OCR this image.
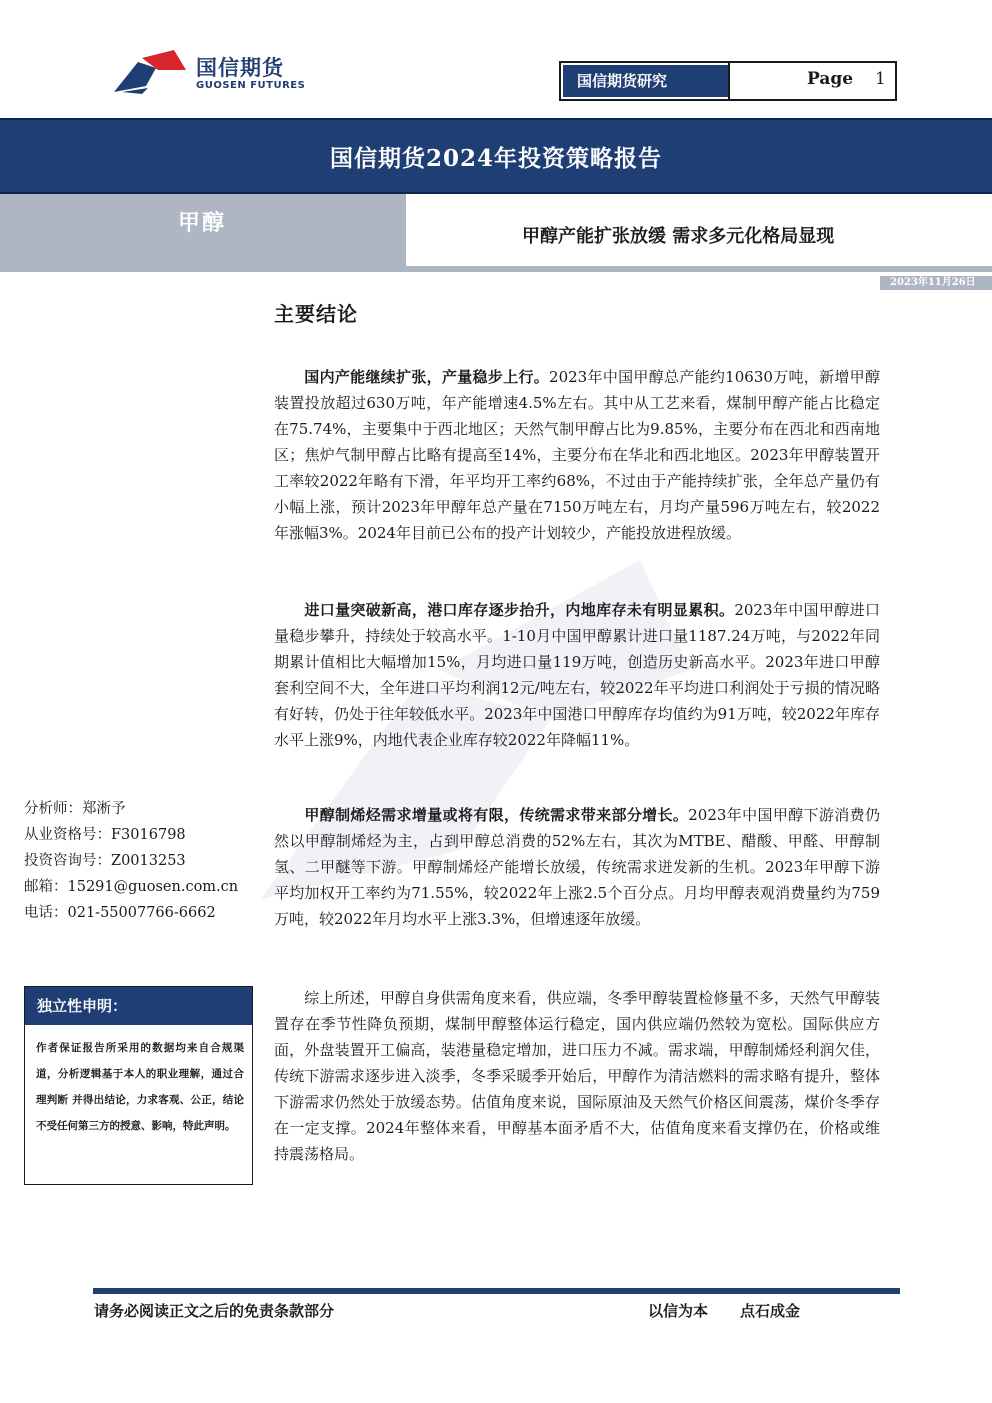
国信期货
GUOSEN FUTURES	国信期货研究	Page 1
国信期货2024年投资策略报告
甲醇
甲醇产能扩张放缓 需求多元化格局显现
2023年11月26日
主要结论
国内产能继续扩张，产量稳步上行。2023年中国甲醇总产能约10630万吨，新增甲醇装置投放超过630万吨，年产能增速4.5%左右。其中从工艺来看，煤制甲醇产能占比稳定在75.74%，主要集中于西北地区；天然气制甲醇占比为9.85%，主要分布在西北和西南地区；焦炉气制甲醇占比略有提高至14%，主要分布在华北和西北地区。2023年甲醇装置开工率较2022年略有下滑，年平均开工率约68%，不过由于产能持续扩张，全年总产量仍有小幅上涨，预计2023年甲醇年总产量在7150万吨左右，月均产量596万吨左右，较2022年涨幅3%。2024年目前已公布的投产计划较少，产能投放进程放缓。
进口量突破新高，港口库存逐步抬升，内地库存未有明显累积。2023年中国甲醇进口量稳步攀升，持续处于较高水平。1-10月中国甲醇累计进口量1187.24万吨，与2022年同期累计值相比大幅增加15%，月均进口量119万吨，创造历史新高水平。2023年进口甲醇套利空间不大，全年进口平均利润12元/吨左右，较2022年平均进口利润处于亏损的情况略有好转，仍处于往年较低水平。2023年中国港口甲醇库存均值约为91万吨，较2022年库存水平上涨9%，内地代表企业库存较2022年降幅11%。
甲醇制烯烃需求增量或将有限，传统需求带来部分增长。2023年中国甲醇下游消费仍然以甲醇制烯烃为主，占到甲醇总消费的52%左右，其次为MTBE、醋酸、甲醛、甲醇制氢、二甲醚等下游。甲醇制烯烃产能增长放缓，传统需求迸发新的生机。2023年甲醇下游平均加权开工率约为71.55%，较2022年上涨2.5个百分点。月均甲醇表观消费量约为759万吨，较2022年月均水平上涨3.3%，但增速逐年放缓。
综上所述，甲醇自身供需角度来看，供应端，冬季甲醇装置检修量不多，天然气甲醇装置存在季节性降负预期，煤制甲醇整体运行稳定，国内供应端仍然较为宽松。国际供应方面，外盘装置开工偏高，装港量稳定增加，进口压力不减。需求端，甲醇制烯烃利润欠佳，传统下游需求逐步进入淡季，冬季采暖季开始后，甲醇作为清洁燃料的需求略有提升，整体下游需求仍然处于放缓态势。估值角度来说，国际原油及天然气价格区间震荡，煤价冬季存在一定支撑。2024年整体来看，甲醇基本面矛盾不大，估值角度来看支撑仍在，价格或维持震荡格局。
分析师：郑淅予
从业资格号：F3016798
投资咨询号：Z0013253
邮箱：15291@guosen.com.cn
电话：021-55007766-6662
独立性申明：
作者保证报告所采用的数据均来自合规渠道，分析逻辑基于本人的职业理解，通过合理判断 并得出结论，力求客观、公正，结论不受任何第三方的授意、影响，特此声明。
请务必阅读正文之后的免责条款部分	以信为本 点石成金
